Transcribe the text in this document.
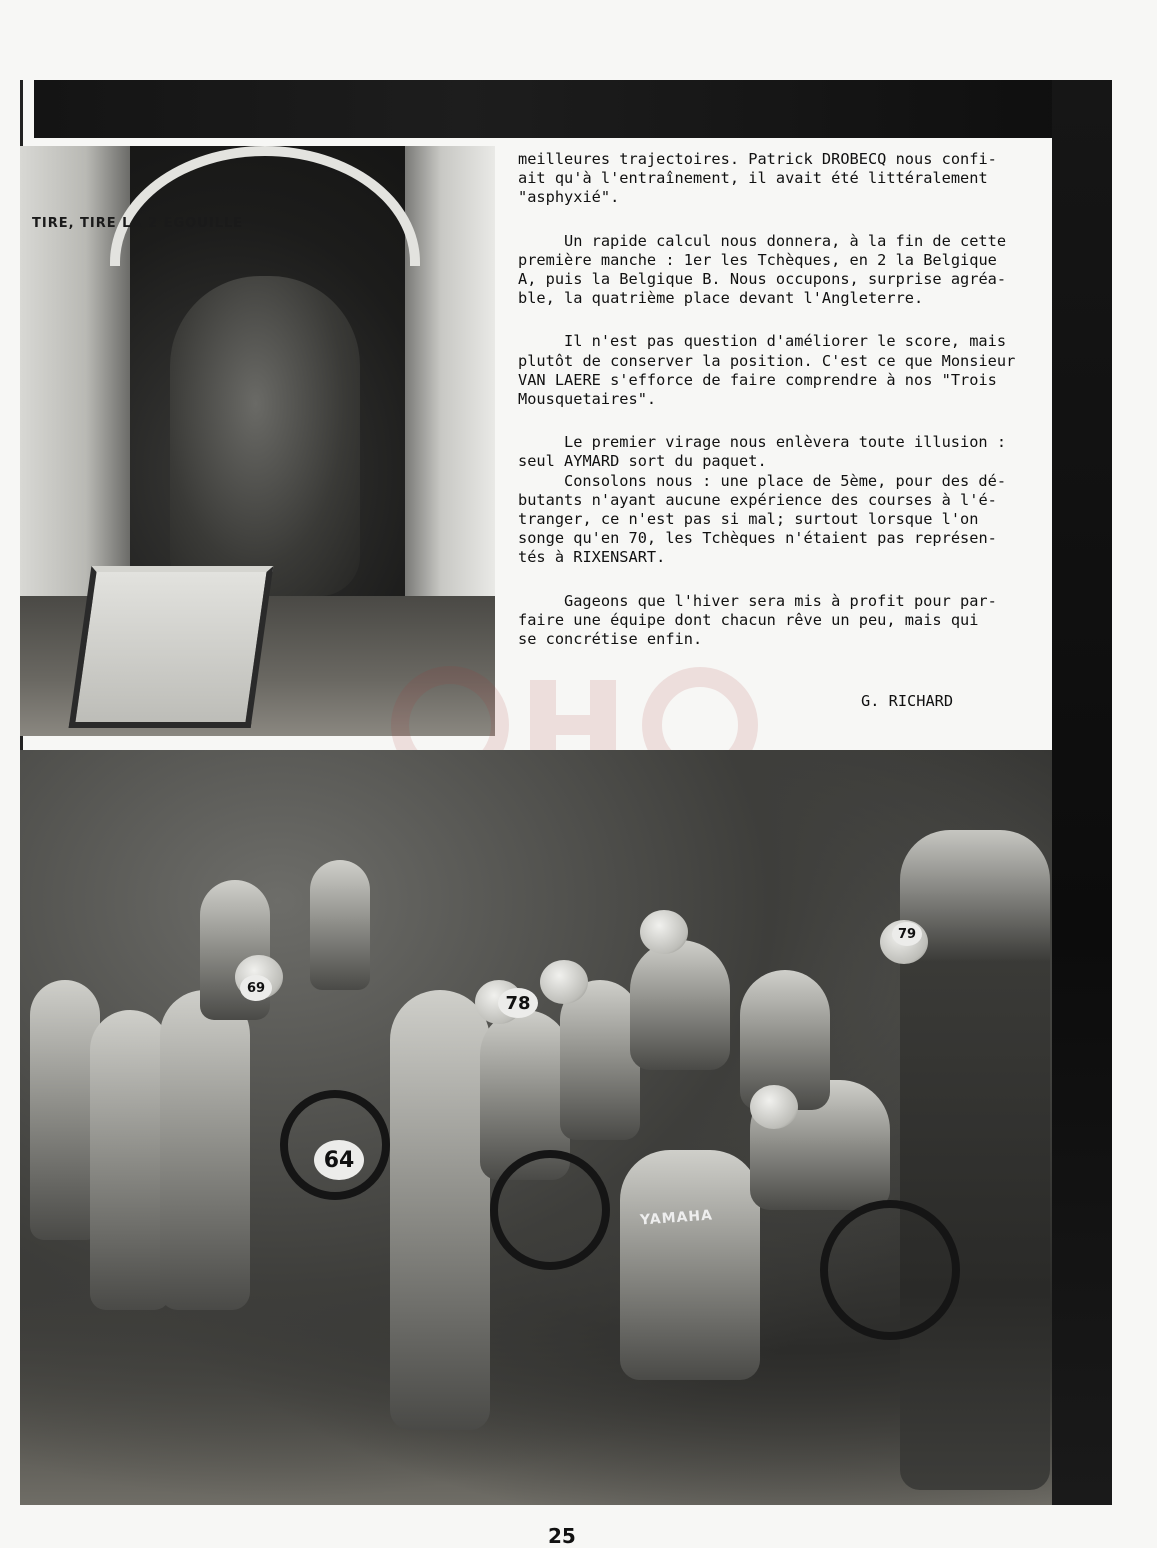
TIRE, TIRE LA 2 EGOUILLE

meilleures trajectoires. Patrick DROBECQ nous confi-
ait qu'à l'entraînement, il avait été littéralement
"asphyxié".

Un rapide calcul nous donnera, à la fin de cette
première manche : 1er les Tchèques, en 2 la Belgique
A, puis la Belgique B. Nous occupons, surprise agréa-
ble, la quatrième place devant l'Angleterre.

Il n'est pas question d'améliorer le score, mais
plutôt de conserver la position. C'est ce que Monsieur
VAN LAERE s'efforce de faire comprendre à nos "Trois
Mousquetaires".

Le premier virage nous enlèvera toute illusion :
seul AYMARD sort du paquet.
Consolons nous : une place de 5ème, pour des dé-
butants n'ayant aucune expérience des courses à l'é-
tranger, ce n'est pas si mal; surtout lorsque l'on
songe qu'en 70, les Tchèques n'étaient pas représen-
tés à RIXENSART.

Gageons que l'hiver sera mis à profit pour par-
faire une équipe dont chacun rêve un peu, mais qui
se concrétise enfin.

G. RICHARD
64
78
69
79
YAMAHA
25
